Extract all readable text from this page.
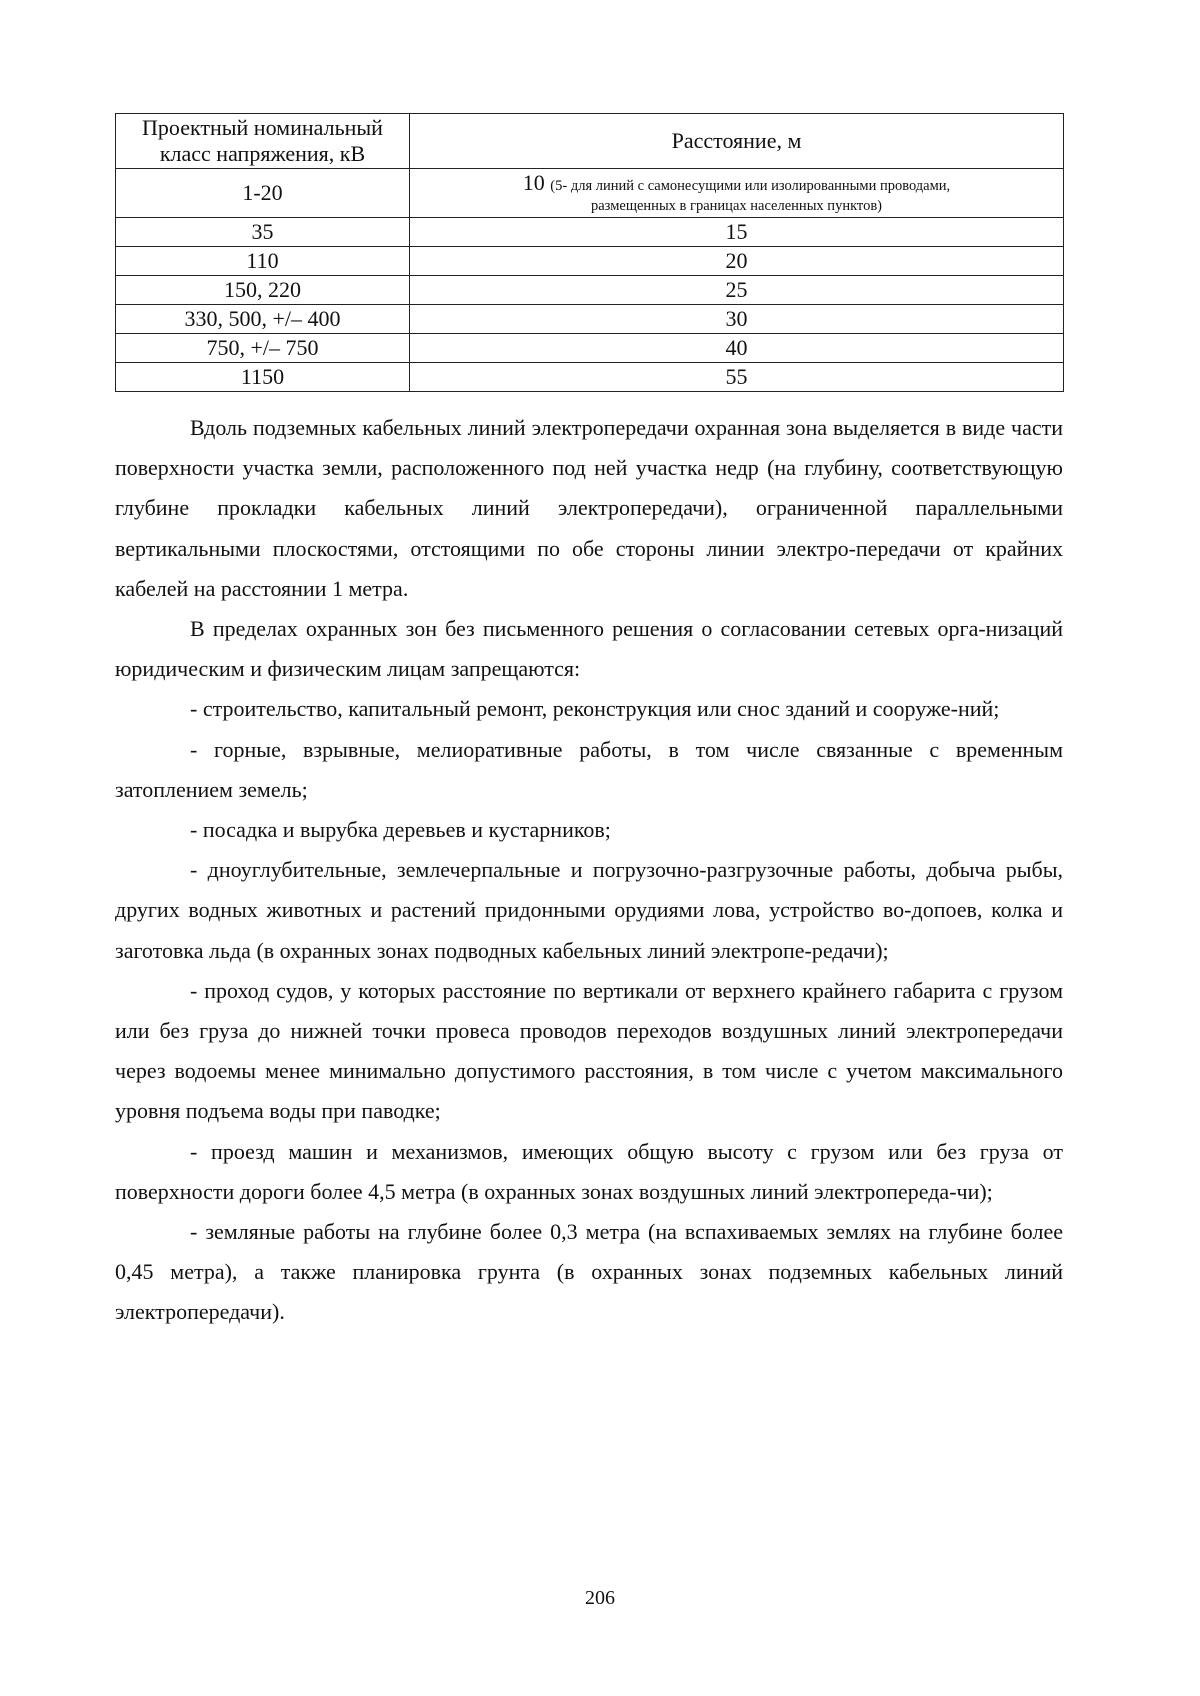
Проектный номинальный класс напряжения, кВ	Расстояние, м
1-20	10 (5- для линий с самонесущими или изолированными проводами,
размещенных в границах населенных пунктов)

35	15
110	20
150, 220	25
330, 500, +/– 400	30
750, +/– 750	40
1150	55

Вдоль подземных кабельных линий электропередачи охранная зона выделяется в виде части поверхности участка земли, расположенного под ней участка недр (на глубину, соответствующую глубине прокладки кабельных линий электропередачи), ограниченной параллельными вертикальными плоскостями, отстоящими по обе стороны линии электро-передачи от крайних кабелей на расстоянии 1 метра.

В пределах охранных зон без письменного решения о согласовании сетевых орга-низаций юридическим и физическим лицам запрещаются:

- строительство, капитальный ремонт, реконструкция или снос зданий и сооруже-ний;

- горные, взрывные, мелиоративные работы, в том числе связанные с временным затоплением земель;

- посадка и вырубка деревьев и кустарников;

- дноуглубительные, землечерпальные и погрузочно-разгрузочные работы, добыча рыбы, других водных животных и растений придонными орудиями лова, устройство во-допоев, колка и заготовка льда (в охранных зонах подводных кабельных линий электропе-редачи);

- проход судов, у которых расстояние по вертикали от верхнего крайнего габарита с грузом или без груза до нижней точки провеса проводов переходов воздушных линий электропередачи через водоемы менее минимально допустимого расстояния, в том числе с учетом максимального уровня подъема воды при паводке;

- проезд машин и механизмов, имеющих общую высоту с грузом или без груза от поверхности дороги более 4,5 метра (в охранных зонах воздушных линий электропереда-чи);

- земляные работы на глубине более 0,3 метра (на вспахиваемых землях на глубине более 0,45 метра), а также планировка грунта (в охранных зонах подземных кабельных линий электропередачи).

206
